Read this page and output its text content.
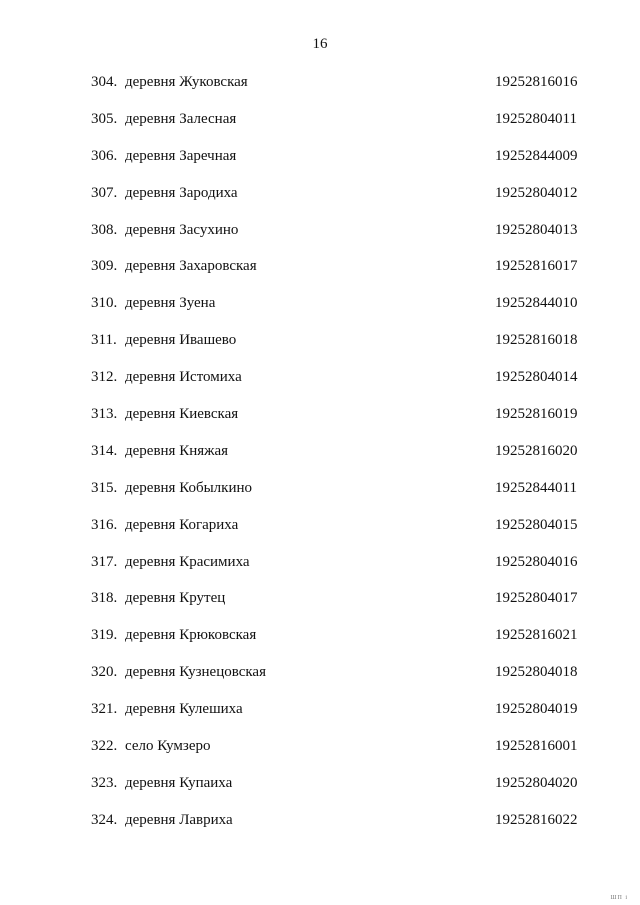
16
304. деревня Жуковская	19252816016
305. деревня Залесная	19252804011
306. деревня Заречная	19252844009
307. деревня Зародиха	19252804012
308. деревня Засухино	19252804013
309. деревня Захаровская	19252816017
310. деревня Зуена	19252844010
311. деревня Ивашево	19252816018
312. деревня Истомиха	19252804014
313. деревня Киевская	19252816019
314. деревня Княжая	19252816020
315. деревня Кобылкино	19252844011
316. деревня Когариха	19252804015
317. деревня Красимиха	19252804016
318. деревня Крутец	19252804017
319. деревня Крюковская	19252816021
320. деревня Кузнецовская	19252804018
321. деревня Кулешиха	19252804019
322. село Кумзеро	19252816001
323. деревня Купаиха	19252804020
324. деревня Лавриха	19252816022
ШП і
